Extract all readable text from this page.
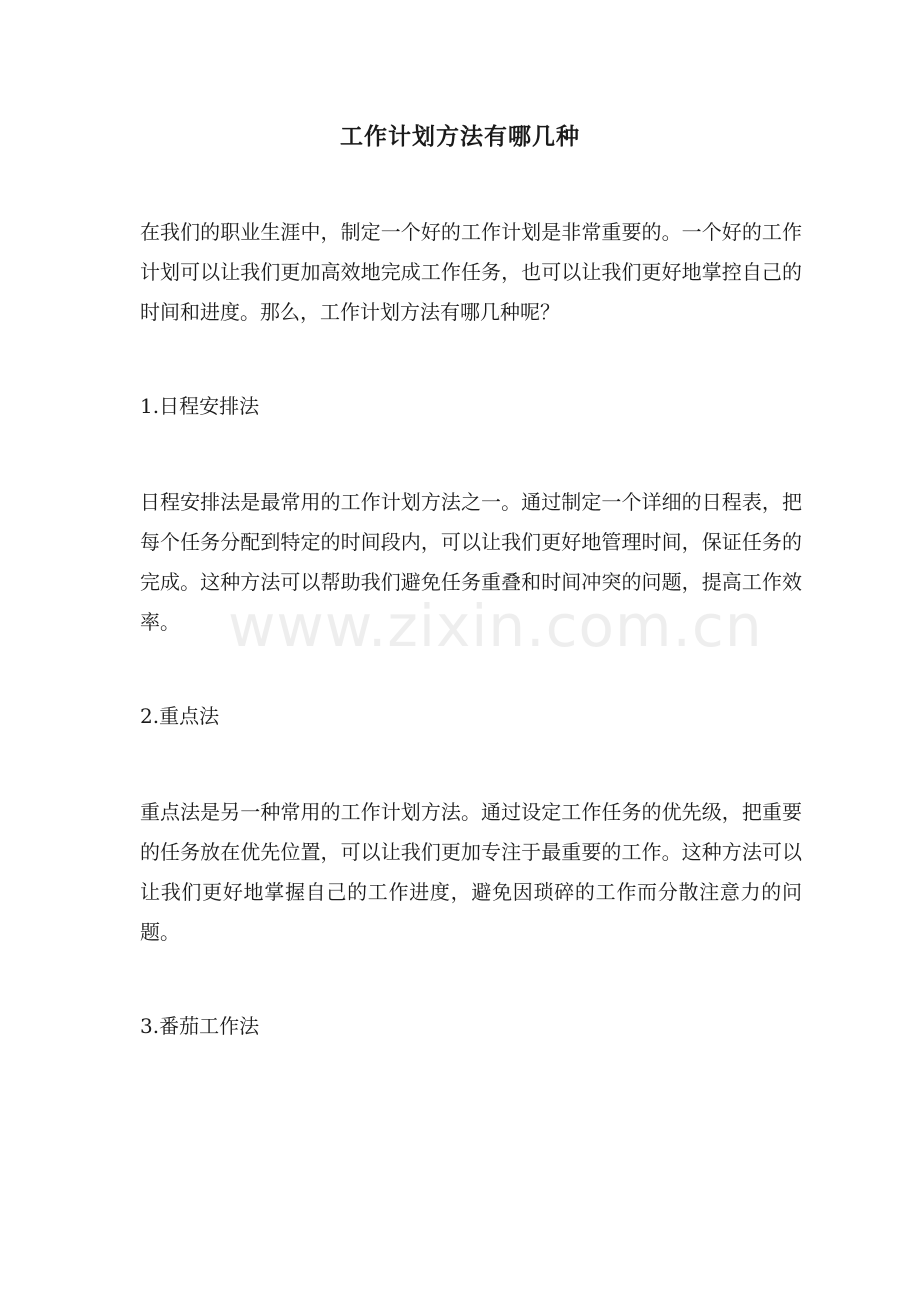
工作计划方法有哪几种

在我们的职业生涯中，制定一个好的工作计划是非常重要的。一个好的工作计划可以让我们更加高效地完成工作任务，也可以让我们更好地掌控自己的时间和进度。那么，工作计划方法有哪几种呢？

1.日程安排法

日程安排法是最常用的工作计划方法之一。通过制定一个详细的日程表，把每个任务分配到特定的时间段内，可以让我们更好地管理时间，保证任务的完成。这种方法可以帮助我们避免任务重叠和时间冲突的问题，提高工作效率。

2.重点法

重点法是另一种常用的工作计划方法。通过设定工作任务的优先级，把重要的任务放在优先位置，可以让我们更加专注于最重要的工作。这种方法可以让我们更好地掌握自己的工作进度，避免因琐碎的工作而分散注意力的问题。

3.番茄工作法

www.zixin.com.cn
